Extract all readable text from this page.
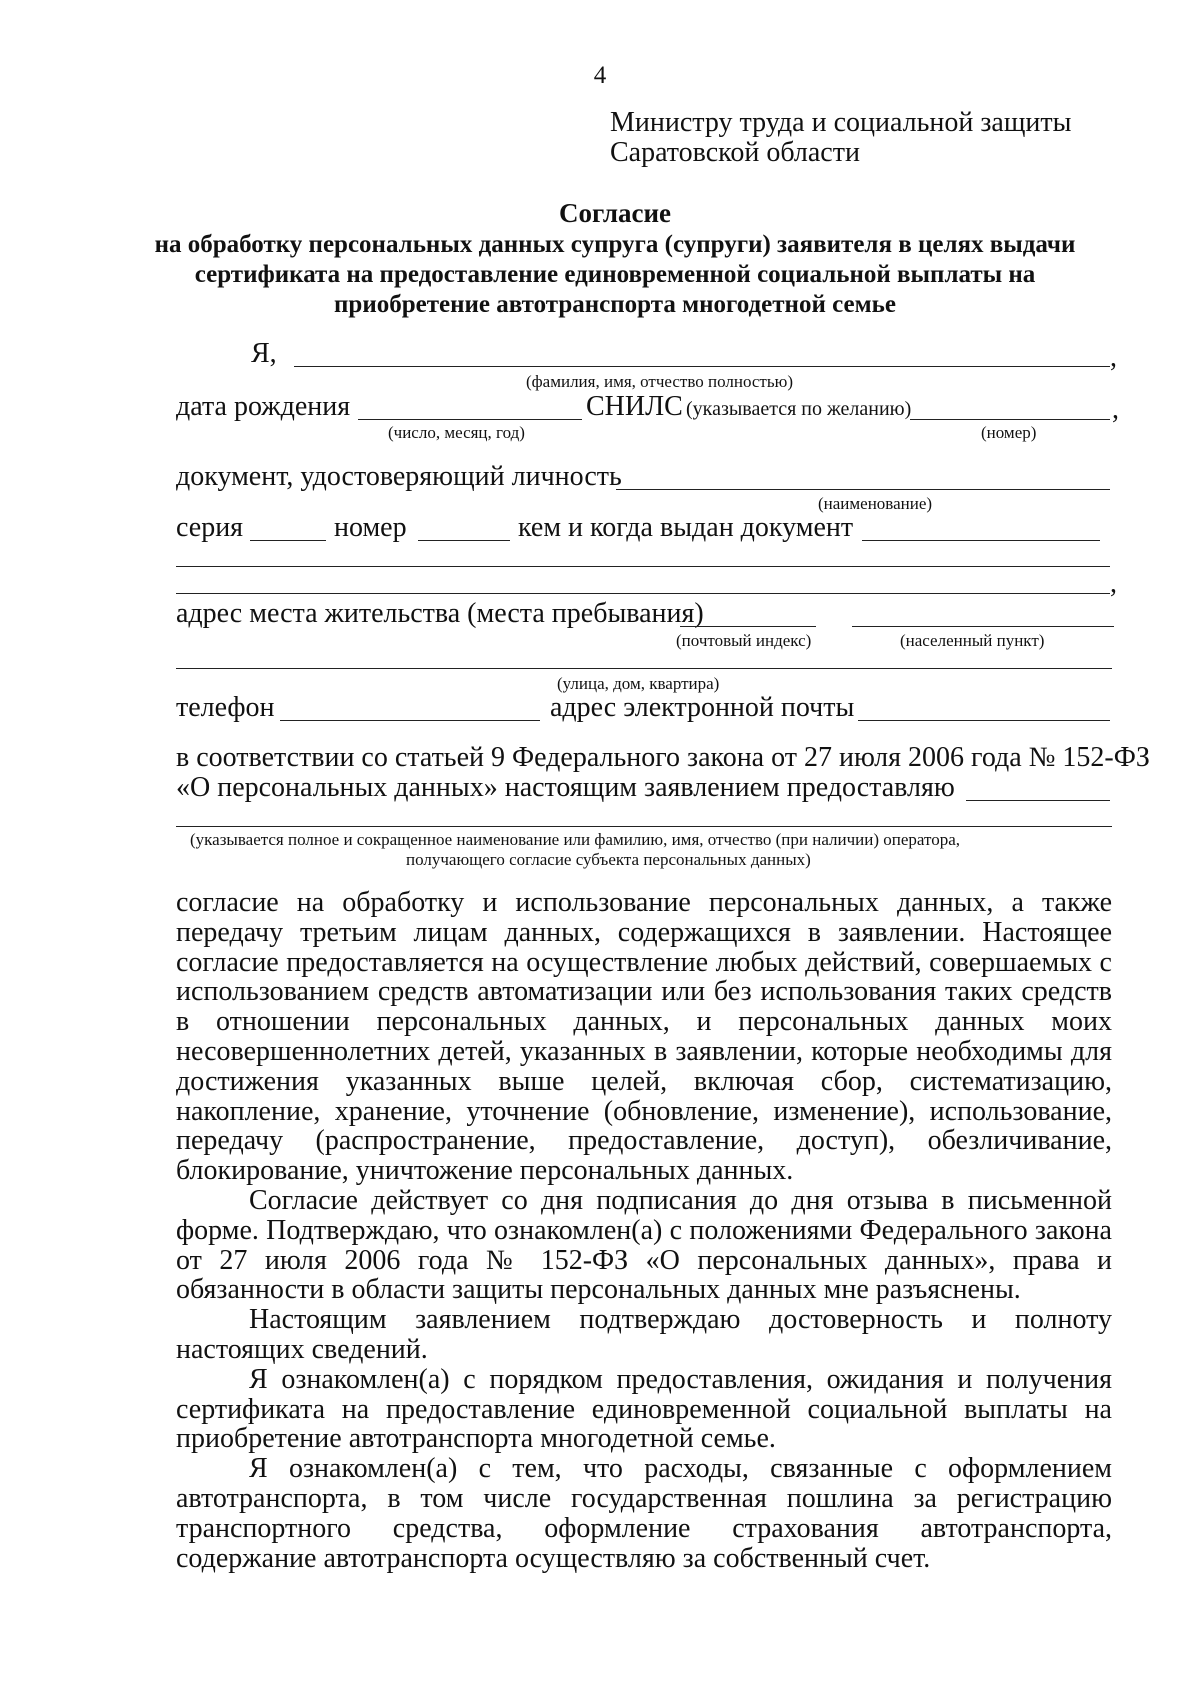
4
Министру труда и социальной защиты
Саратовской области
Согласие
на обработку персональных данных супруга (супруги) заявителя в целях выдачи сертификата на предоставление единовременной социальной выплаты на приобретение автотранспорта многодетной семье
Я,	,
(фамилия, имя, отчество полностью)
дата рождения	СНИЛС (указывается по желанию)	,
(число, месяц, год)	(номер)
документ, удостоверяющий личность
(наименование)
серия	номер	кем и когда выдан документ
,
адрес места жительства (места пребывания)
(почтовый индекс)	(населенный пункт)
(улица, дом, квартира)
телефон	адрес электронной почты
в соответствии со статьей 9 Федерального закона от 27 июля 2006 года № 152-ФЗ
«О персональных данных» настоящим заявлением предоставляю
(указывается полное и сокращенное наименование или фамилию, имя, отчество (при наличии) оператора,
получающего согласие субъекта персональных данных)

согласие на обработку и использование персональных данных, а также передачу третьим лицам данных, содержащихся в заявлении. Настоящее согласие предоставляется на осуществление любых действий, совершаемых с использованием средств автоматизации или без использования таких средств в отношении персональных данных, и персональных данных моих несовершеннолетних детей, указанных в заявлении, которые необходимы для достижения указанных выше целей, включая сбор, систематизацию, накопление, хранение, уточнение (обновление, изменение), использование, передачу (распространение, предоставление, доступ), обезличивание, блокирование, уничтожение персональных данных.

Согласие действует со дня подписания до дня отзыва в письменной форме. Подтверждаю, что ознакомлен(а) с положениями Федерального закона от 27 июля 2006 года № 152-ФЗ «О персональных данных», права и обязанности в области защиты персональных данных мне разъяснены.

Настоящим заявлением подтверждаю достоверность и полноту настоящих сведений.

Я ознакомлен(а) с порядком предоставления, ожидания и получения сертификата на предоставление единовременной социальной выплаты на приобретение автотранспорта многодетной семье.

Я ознакомлен(а) с тем, что расходы, связанные с оформлением автотранспорта, в том числе государственная пошлина за регистрацию транспортного средства, оформление страхования автотранспорта, содержание автотранспорта осуществляю за собственный счет.
